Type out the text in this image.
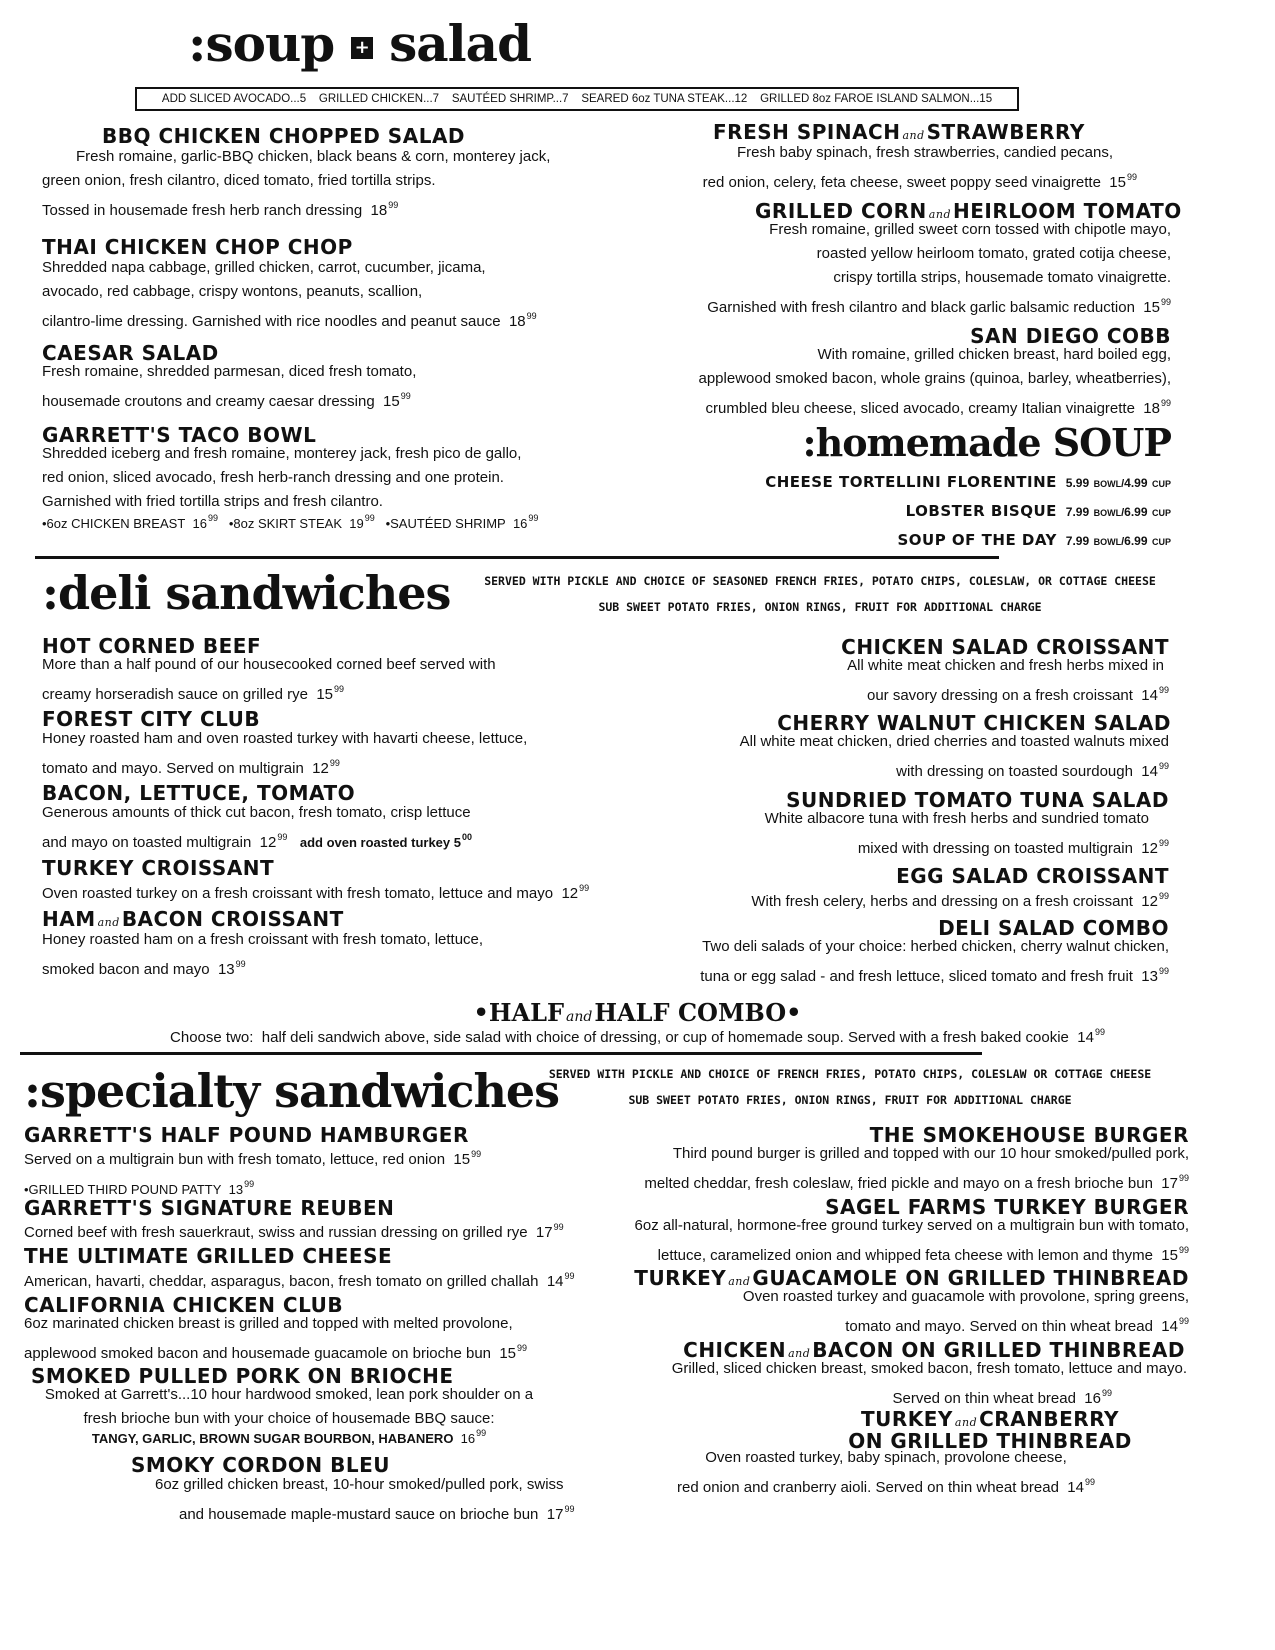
:soup + salad
ADD SLICED AVOCADO...5    GRILLED CHICKEN...7    SAUTÉED SHRIMP...7    SEARED 6oz TUNA STEAK...12    GRILLED 8oz FAROE ISLAND SALMON...15
BBQ CHICKEN CHOPPED SALAD
Fresh romaine, garlic-BBQ chicken, black beans & corn, monterey jack,
green onion, fresh cilantro, diced tomato, fried tortilla strips.
Tossed in housemade fresh herb ranch dressing $18^{99}$
THAI CHICKEN CHOP CHOP
Shredded napa cabbage, grilled chicken, carrot, cucumber, jicama,
avocado, red cabbage, crispy wontons, peanuts, scallion,
cilantro-lime dressing. Garnished with rice noodles and peanut sauce $18^{99}$
CAESAR SALAD
Fresh romaine, shredded parmesan, diced fresh tomato,
housemade croutons and creamy caesar dressing $15^{99}$
GARRETT'S TACO BOWL
Shredded iceberg and fresh romaine, monterey jack, fresh pico de gallo,
red onion, sliced avocado, fresh herb-ranch dressing and one protein.
Garnished with fried tortilla strips and fresh cilantro.
•6oz CHICKEN BREAST $16^{99}$ •8oz SKIRT STEAK $19^{99}$ •SAUTÉED SHRIMP $16^{99}$
FRESH SPINACH and STRAWBERRY
Fresh baby spinach, fresh strawberries, candied pecans,
red onion, celery, feta cheese, sweet poppy seed vinaigrette $15^{99}$
GRILLED CORN and HEIRLOOM TOMATO
Fresh romaine, grilled sweet corn tossed with chipotle mayo,
roasted yellow heirloom tomato, grated cotija cheese,
crispy tortilla strips, housemade tomato vinaigrette.
Garnished with fresh cilantro and black garlic balsamic reduction $15^{99}$
SAN DIEGO COBB
With romaine, grilled chicken breast, hard boiled egg,
applewood smoked bacon, whole grains (quinoa, barley, wheatberries),
crumbled bleu cheese, sliced avocado, creamy Italian vinaigrette $18^{99}$
:homemade SOUP
CHEESE TORTELLINI FLORENTINE 5.99 BOWL/4.99 CUP
LOBSTER BISQUE 7.99 BOWL/6.99 CUP
SOUP OF THE DAY 7.99 BOWL/6.99 CUP
:deli sandwiches	SERVED WITH PICKLE AND CHOICE OF SEASONED FRENCH FRIES, POTATO CHIPS, COLESLAW, OR COTTAGE CHEESE
SUB SWEET POTATO FRIES, ONION RINGS, FRUIT FOR ADDITIONAL CHARGE
HOT CORNED BEEF
More than a half pound of our housecooked corned beef served with
creamy horseradish sauce on grilled rye $15^{99}$
FOREST CITY CLUB
Honey roasted ham and oven roasted turkey with havarti cheese, lettuce,
tomato and mayo. Served on multigrain $12^{99}$
BACON, LETTUCE, TOMATO
Generous amounts of thick cut bacon, fresh tomato, crisp lettuce
and mayo on toasted multigrain $12^{99}$ add oven roasted turkey $5^{00}$
TURKEY CROISSANT
Oven roasted turkey on a fresh croissant with fresh tomato, lettuce and mayo $12^{99}$
HAM and BACON CROISSANT
Honey roasted ham on a fresh croissant with fresh tomato, lettuce,
smoked bacon and mayo $13^{99}$
CHICKEN SALAD CROISSANT
All white meat chicken and fresh herbs mixed in
our savory dressing on a fresh croissant $14^{99}$
CHERRY WALNUT CHICKEN SALAD
All white meat chicken, dried cherries and toasted walnuts mixed
with dressing on toasted sourdough $14^{99}$
SUNDRIED TOMATO TUNA SALAD
White albacore tuna with fresh herbs and sundried tomato
mixed with dressing on toasted multigrain $12^{99}$
EGG SALAD CROISSANT
With fresh celery, herbs and dressing on a fresh croissant $12^{99}$
DELI SALAD COMBO
Two deli salads of your choice: herbed chicken, cherry walnut chicken,
tuna or egg salad - and fresh lettuce, sliced tomato and fresh fruit $13^{99}$
•HALF andHALF COMBO•
Choose two: half deli sandwich above, side salad with choice of dressing, or cup of homemade soup. Served with a fresh baked cookie $14^{99}$
:specialty sandwiches
SERVED WITH PICKLE AND CHOICE OF FRENCH FRIES, POTATO CHIPS, COLESLAW OR COTTAGE CHEESE
SUB SWEET POTATO FRIES, ONION RINGS, FRUIT FOR ADDITIONAL CHARGE
GARRETT'S HALF POUND HAMBURGER
Served on a multigrain bun with fresh tomato, lettuce, red onion $15^{99}$
•GRILLED THIRD POUND PATTY $13^{99}$
GARRETT'S SIGNATURE REUBEN
Corned beef with fresh sauerkraut, swiss and russian dressing on grilled rye $17^{99}$
THE ULTIMATE GRILLED CHEESE
American, havarti, cheddar, asparagus, bacon, fresh tomato on grilled challah $14^{99}$
CALIFORNIA CHICKEN CLUB
6oz marinated chicken breast is grilled and topped with melted provolone,
applewood smoked bacon and housemade guacamole on brioche bun $15^{99}$
SMOKED PULLED PORK ON BRIOCHE
Smoked at Garrett's...10 hour hardwood smoked, lean pork shoulder on a
fresh brioche bun with your choice of housemade BBQ sauce:
TANGY, GARLIC, BROWN SUGAR BOURBON, HABANERO $16^{99}$
SMOKY CORDON BLEU
6oz grilled chicken breast, 10-hour smoked/pulled pork, swiss
and housemade maple-mustard sauce on brioche bun $17^{99}$
THE SMOKEHOUSE BURGER
Third pound burger is grilled and topped with our 10 hour smoked/pulled pork,
melted cheddar, fresh coleslaw, fried pickle and mayo on a fresh brioche bun $17^{99}$
SAGEL FARMS TURKEY BURGER
6oz all-natural, hormone-free ground turkey served on a multigrain bun with tomato,
lettuce, caramelized onion and whipped feta cheese with lemon and thyme $15^{99}$
TURKEY and GUACAMOLE ON GRILLED THINBREAD
Oven roasted turkey and guacamole with provolone, spring greens,
tomato and mayo. Served on thin wheat bread $14^{99}$
CHICKEN and BACON ON GRILLED THINBREAD
Grilled, sliced chicken breast, smoked bacon, fresh tomato, lettuce and mayo.
Served on thin wheat bread $16^{99}$
TURKEY and CRANBERRY
ON GRILLED THINBREAD
Oven roasted turkey, baby spinach, provolone cheese,
red onion and cranberry aioli. Served on thin wheat bread $14^{99}$
